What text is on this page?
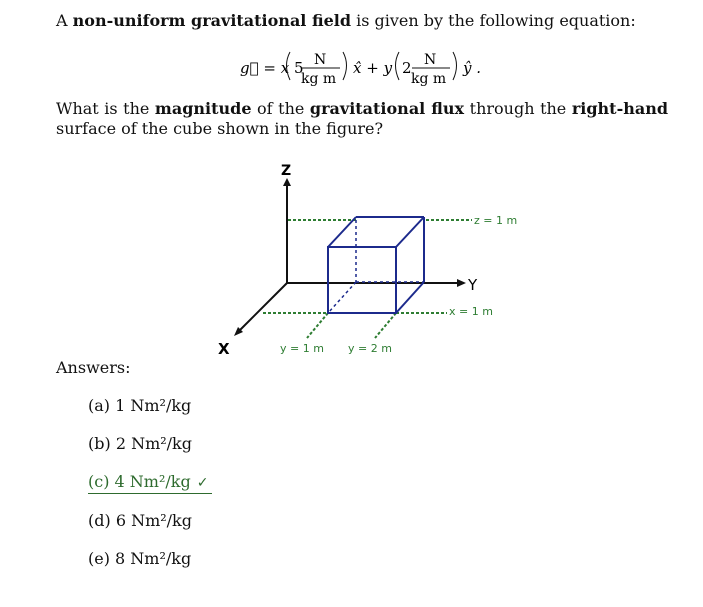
A non-uniform gravitational field is given by the following equation:
g⃗ = x 5 N
kg m
x̂ + y 2 N
kg m
ŷ .
What is the magnitude of the gravitational flux through the right-hand surface of the cube shown in the figure?
Z
Y
X
z = 1 m
x = 1 m
y = 1 m y = 2 m
Answers:
(a) 1 Nm²/kg
(b) 2 Nm²/kg
(c) 4 Nm²/kg ✓
(d) 6 Nm²/kg
(e) 8 Nm²/kg
